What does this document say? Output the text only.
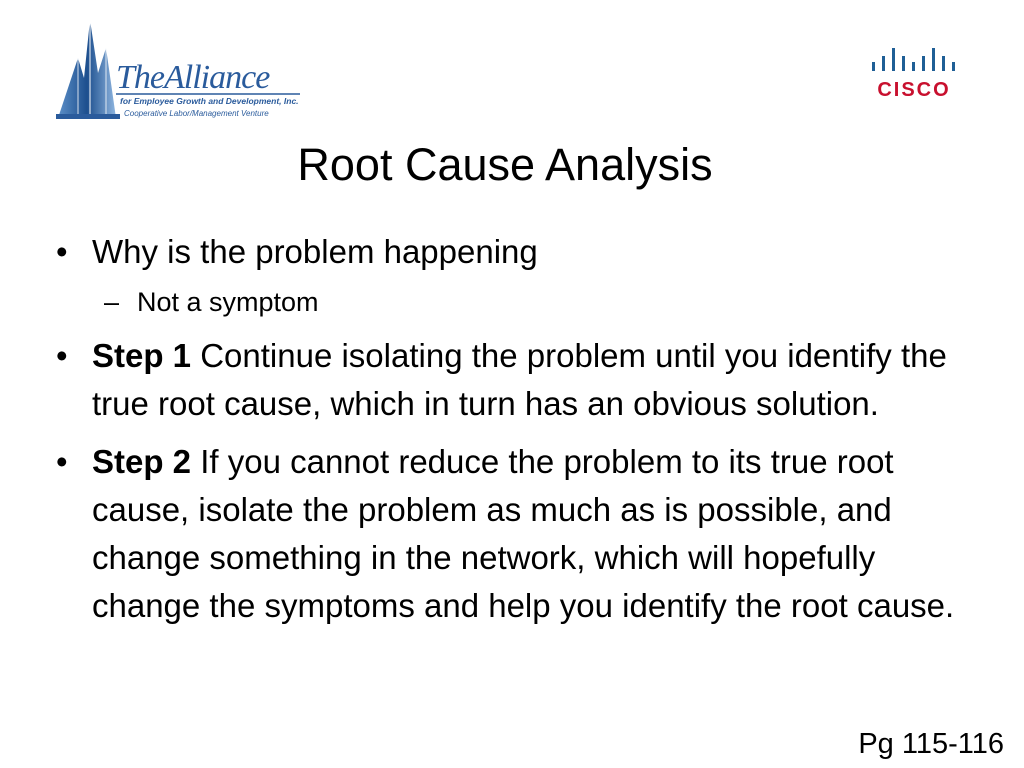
TheAlliance
for Employee Growth and Development, Inc.
Cooperative Labor/Management Venture
CISCO
Root Cause Analysis

• Why is the problem happening

– Not a symptom

• Step 1 Continue isolating the problem until you identify the true root cause, which in turn has an obvious solution.

• Step 2 If you cannot reduce the problem to its true root cause, isolate the problem as much as is possible, and change something in the network, which will hopefully change the symptoms and help you identify the root cause.

Pg 115-116
